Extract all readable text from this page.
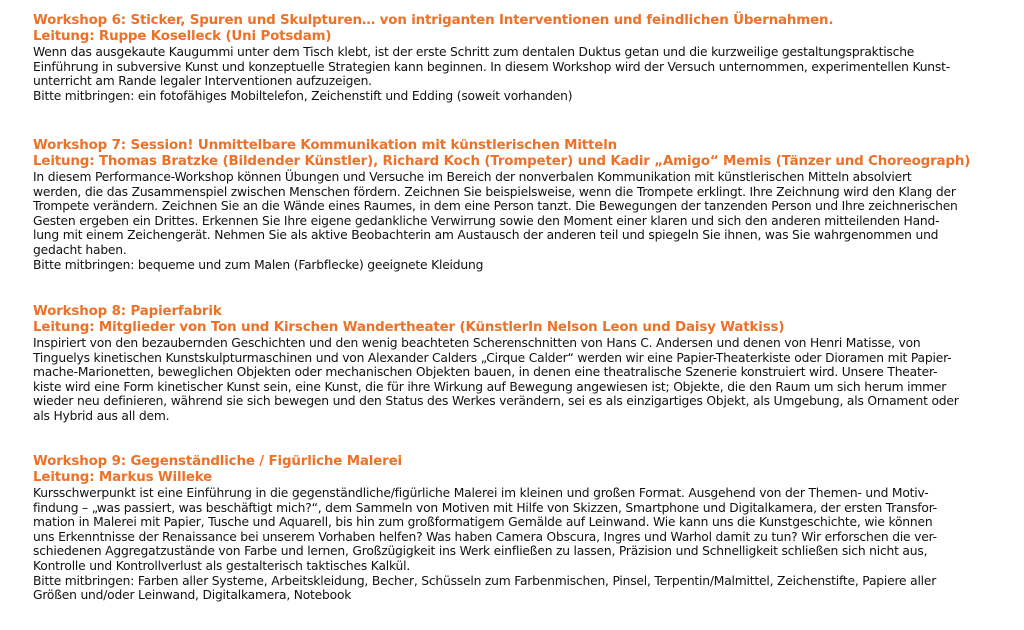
Workshop 6: Sticker, Spuren und Skulpturen… von intriganten Interventionen und feindlichen Übernahmen.
Leitung: Ruppe Koselleck (Uni Potsdam)
Wenn das ausgekaute Kaugummi unter dem Tisch klebt, ist der erste Schritt zum dentalen Duktus getan und die kurzweilige gestaltungspraktische
Einführung in subversive Kunst und konzeptuelle Strategien kann beginnen. In diesem Workshop wird der Versuch unternommen, experimentellen Kunst-
unterricht am Rande legaler Interventionen aufzuzeigen.
Bitte mitbringen: ein fotofähiges Mobiltelefon, Zeichenstift und Edding (soweit vorhanden)
Workshop 7: Session! Unmittelbare Kommunikation mit künstlerischen Mitteln
Leitung: Thomas Bratzke (Bildender Künstler), Richard Koch (Trompeter) und Kadir „Amigo“ Memis (Tänzer und Choreograph)
In diesem Performance-Workshop können Übungen und Versuche im Bereich der nonverbalen Kommunikation mit künstlerischen Mitteln absolviert
werden, die das Zusammenspiel zwischen Menschen fördern. Zeichnen Sie beispielsweise, wenn die Trompete erklingt. Ihre Zeichnung wird den Klang der
Trompete verändern. Zeichnen Sie an die Wände eines Raumes, in dem eine Person tanzt. Die Bewegungen der tanzenden Person und Ihre zeichnerischen
Gesten ergeben ein Drittes. Erkennen Sie Ihre eigene gedankliche Verwirrung sowie den Moment einer klaren und sich den anderen mitteilenden Hand-
lung mit einem Zeichengerät. Nehmen Sie als aktive Beobachterin am Austausch der anderen teil und spiegeln Sie ihnen, was Sie wahrgenommen und
gedacht haben.
Bitte mitbringen: bequeme und zum Malen (Farbflecke) geeignete Kleidung
Workshop 8: Papierfabrik
Leitung: Mitglieder von Ton und Kirschen Wandertheater (KünstlerIn Nelson Leon und Daisy Watkiss)
Inspiriert von den bezaubernden Geschichten und den wenig beachteten Scherenschnitten von Hans C. Andersen und denen von Henri Matisse, von
Tinguelys kinetischen Kunstskulpturmaschinen und von Alexander Calders „Cirque Calder“ werden wir eine Papier-Theaterkiste oder Dioramen mit Papier-
mache-Marionetten, beweglichen Objekten oder mechanischen Objekten bauen, in denen eine theatralische Szenerie konstruiert wird. Unsere Theater-
kiste wird eine Form kinetischer Kunst sein, eine Kunst, die für ihre Wirkung auf Bewegung angewiesen ist; Objekte, die den Raum um sich herum immer
wieder neu definieren, während sie sich bewegen und den Status des Werkes verändern, sei es als einzigartiges Objekt, als Umgebung, als Ornament oder
als Hybrid aus all dem.
Workshop 9: Gegenständliche / Figürliche Malerei
Leitung: Markus Willeke
Kursschwerpunkt ist eine Einführung in die gegenständliche/figürliche Malerei im kleinen und großen Format. Ausgehend von der Themen- und Motiv-
findung – „was passiert, was beschäftigt mich?“, dem Sammeln von Motiven mit Hilfe von Skizzen, Smartphone und Digitalkamera, der ersten Transfor-
mation in Malerei mit Papier, Tusche und Aquarell, bis hin zum großformatigem Gemälde auf Leinwand. Wie kann uns die Kunstgeschichte, wie können
uns Erkenntnisse der Renaissance bei unserem Vorhaben helfen? Was haben Camera Obscura, Ingres und Warhol damit zu tun? Wir erforschen die ver-
schiedenen Aggregatzustände von Farbe und lernen, Großzügigkeit ins Werk einfließen zu lassen, Präzision und Schnelligkeit schließen sich nicht aus,
Kontrolle und Kontrollverlust als gestalterisch taktisches Kalkül.
Bitte mitbringen: Farben aller Systeme, Arbeitskleidung, Becher, Schüsseln zum Farbenmischen, Pinsel, Terpentin/Malmittel, Zeichenstifte, Papiere aller
Größen und/oder Leinwand, Digitalkamera, Notebook
